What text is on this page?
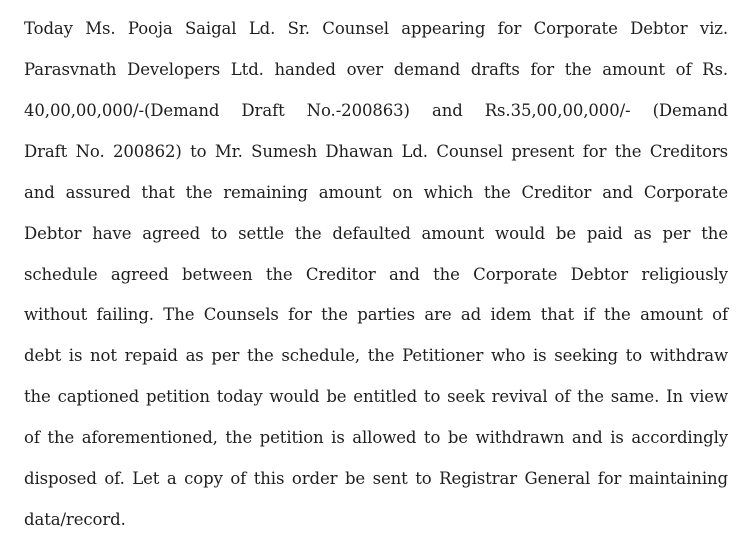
Today Ms. Pooja Saigal Ld. Sr. Counsel appearing for Corporate Debtor viz.
Parasvnath Developers Ltd. handed over demand drafts for the amount of Rs.
40,00,00,000/-(Demand Draft No.-200863) and Rs.35,00,00,000/- (Demand
Draft No. 200862) to Mr. Sumesh Dhawan Ld. Counsel present for the Creditors
and assured that the remaining amount on which the Creditor and Corporate
Debtor have agreed to settle the defaulted amount would be paid as per the
schedule agreed between the Creditor and the Corporate Debtor religiously
without failing. The Counsels for the parties are ad idem that if the amount of
debt is not repaid as per the schedule, the Petitioner who is seeking to withdraw
the captioned petition today would be entitled to seek revival of the same. In view
of the aforementioned, the petition is allowed to be withdrawn and is accordingly
disposed of. Let a copy of this order be sent to Registrar General for maintaining
data/record.
